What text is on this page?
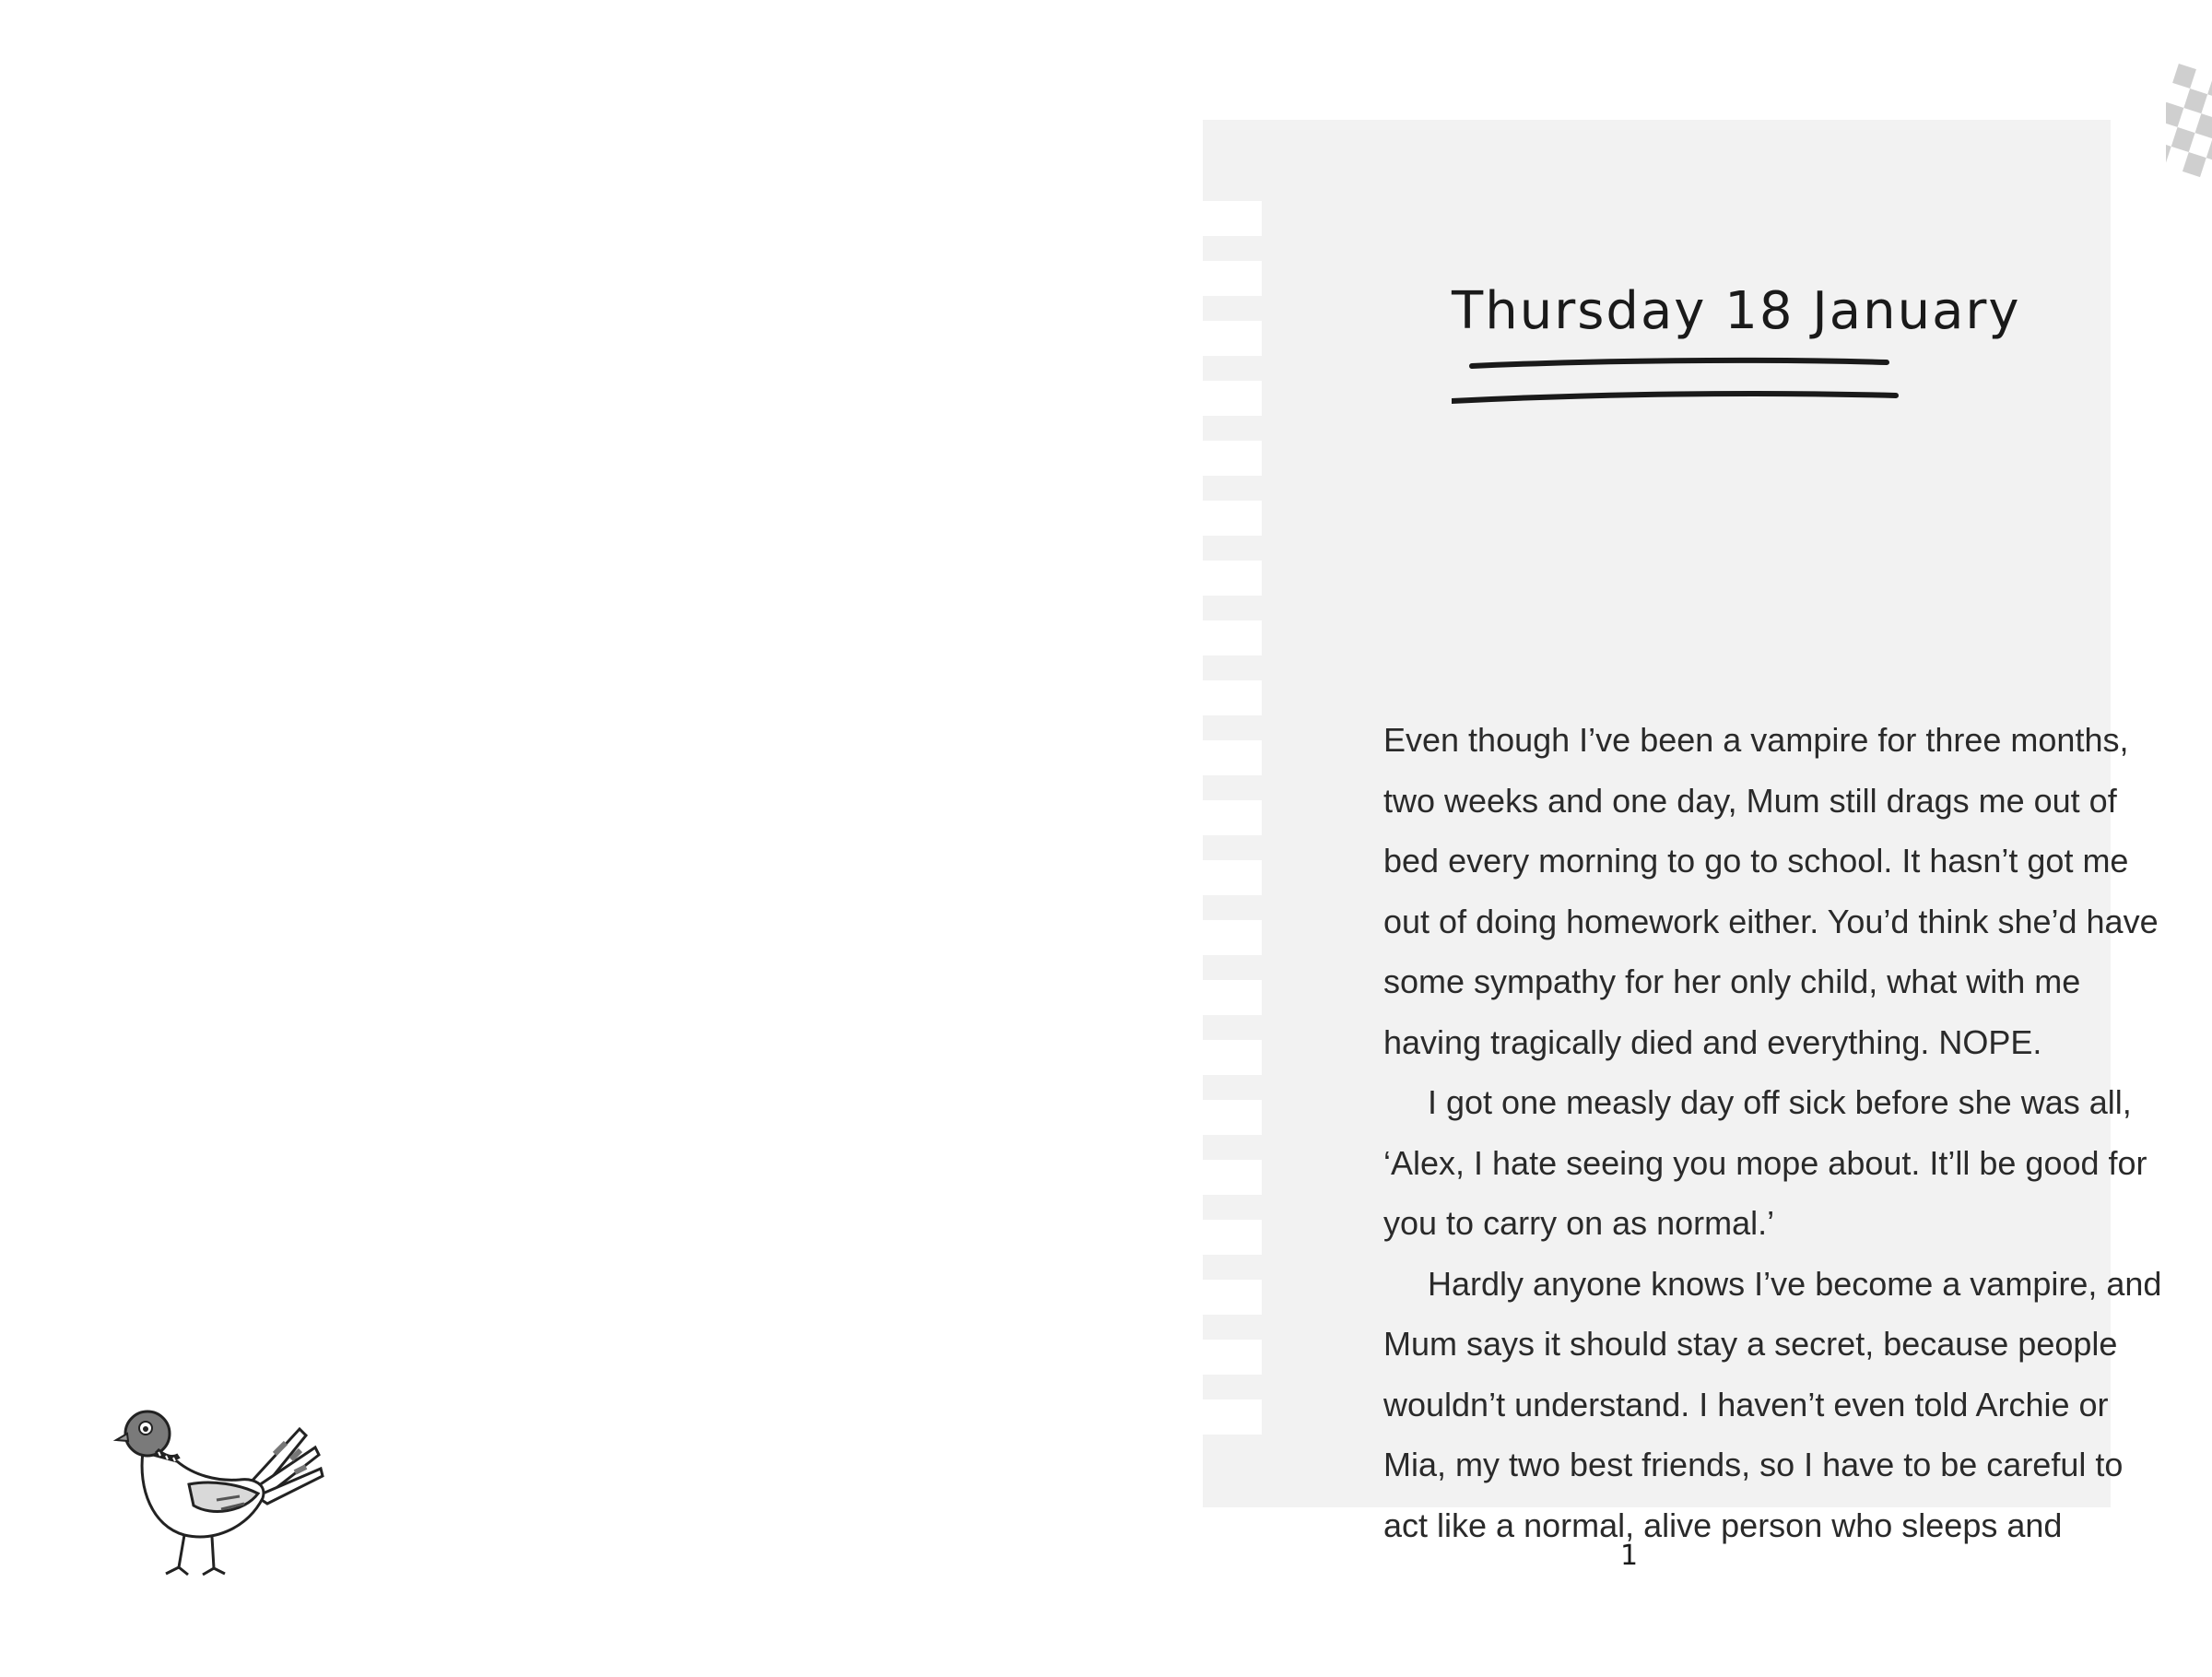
Thursday 18 January

Even though I’ve been a vampire for three months, two weeks and one day, Mum still drags me out of bed every morning to go to school. It hasn’t got me out of doing homework either. You’d think she’d have some sympathy for her only child, what with me having tragically died and everything. NOPE.

I got one measly day off sick before she was all, ‘Alex, I hate seeing you mope about. It’ll be good for you to carry on as normal.’

Hardly anyone knows I’ve become a vampire, and Mum says it should stay a secret, because people wouldn’t understand. I haven’t even told Archie or Mia, my two best friends, so I have to be careful to act like a normal, alive person who sleeps and

1
